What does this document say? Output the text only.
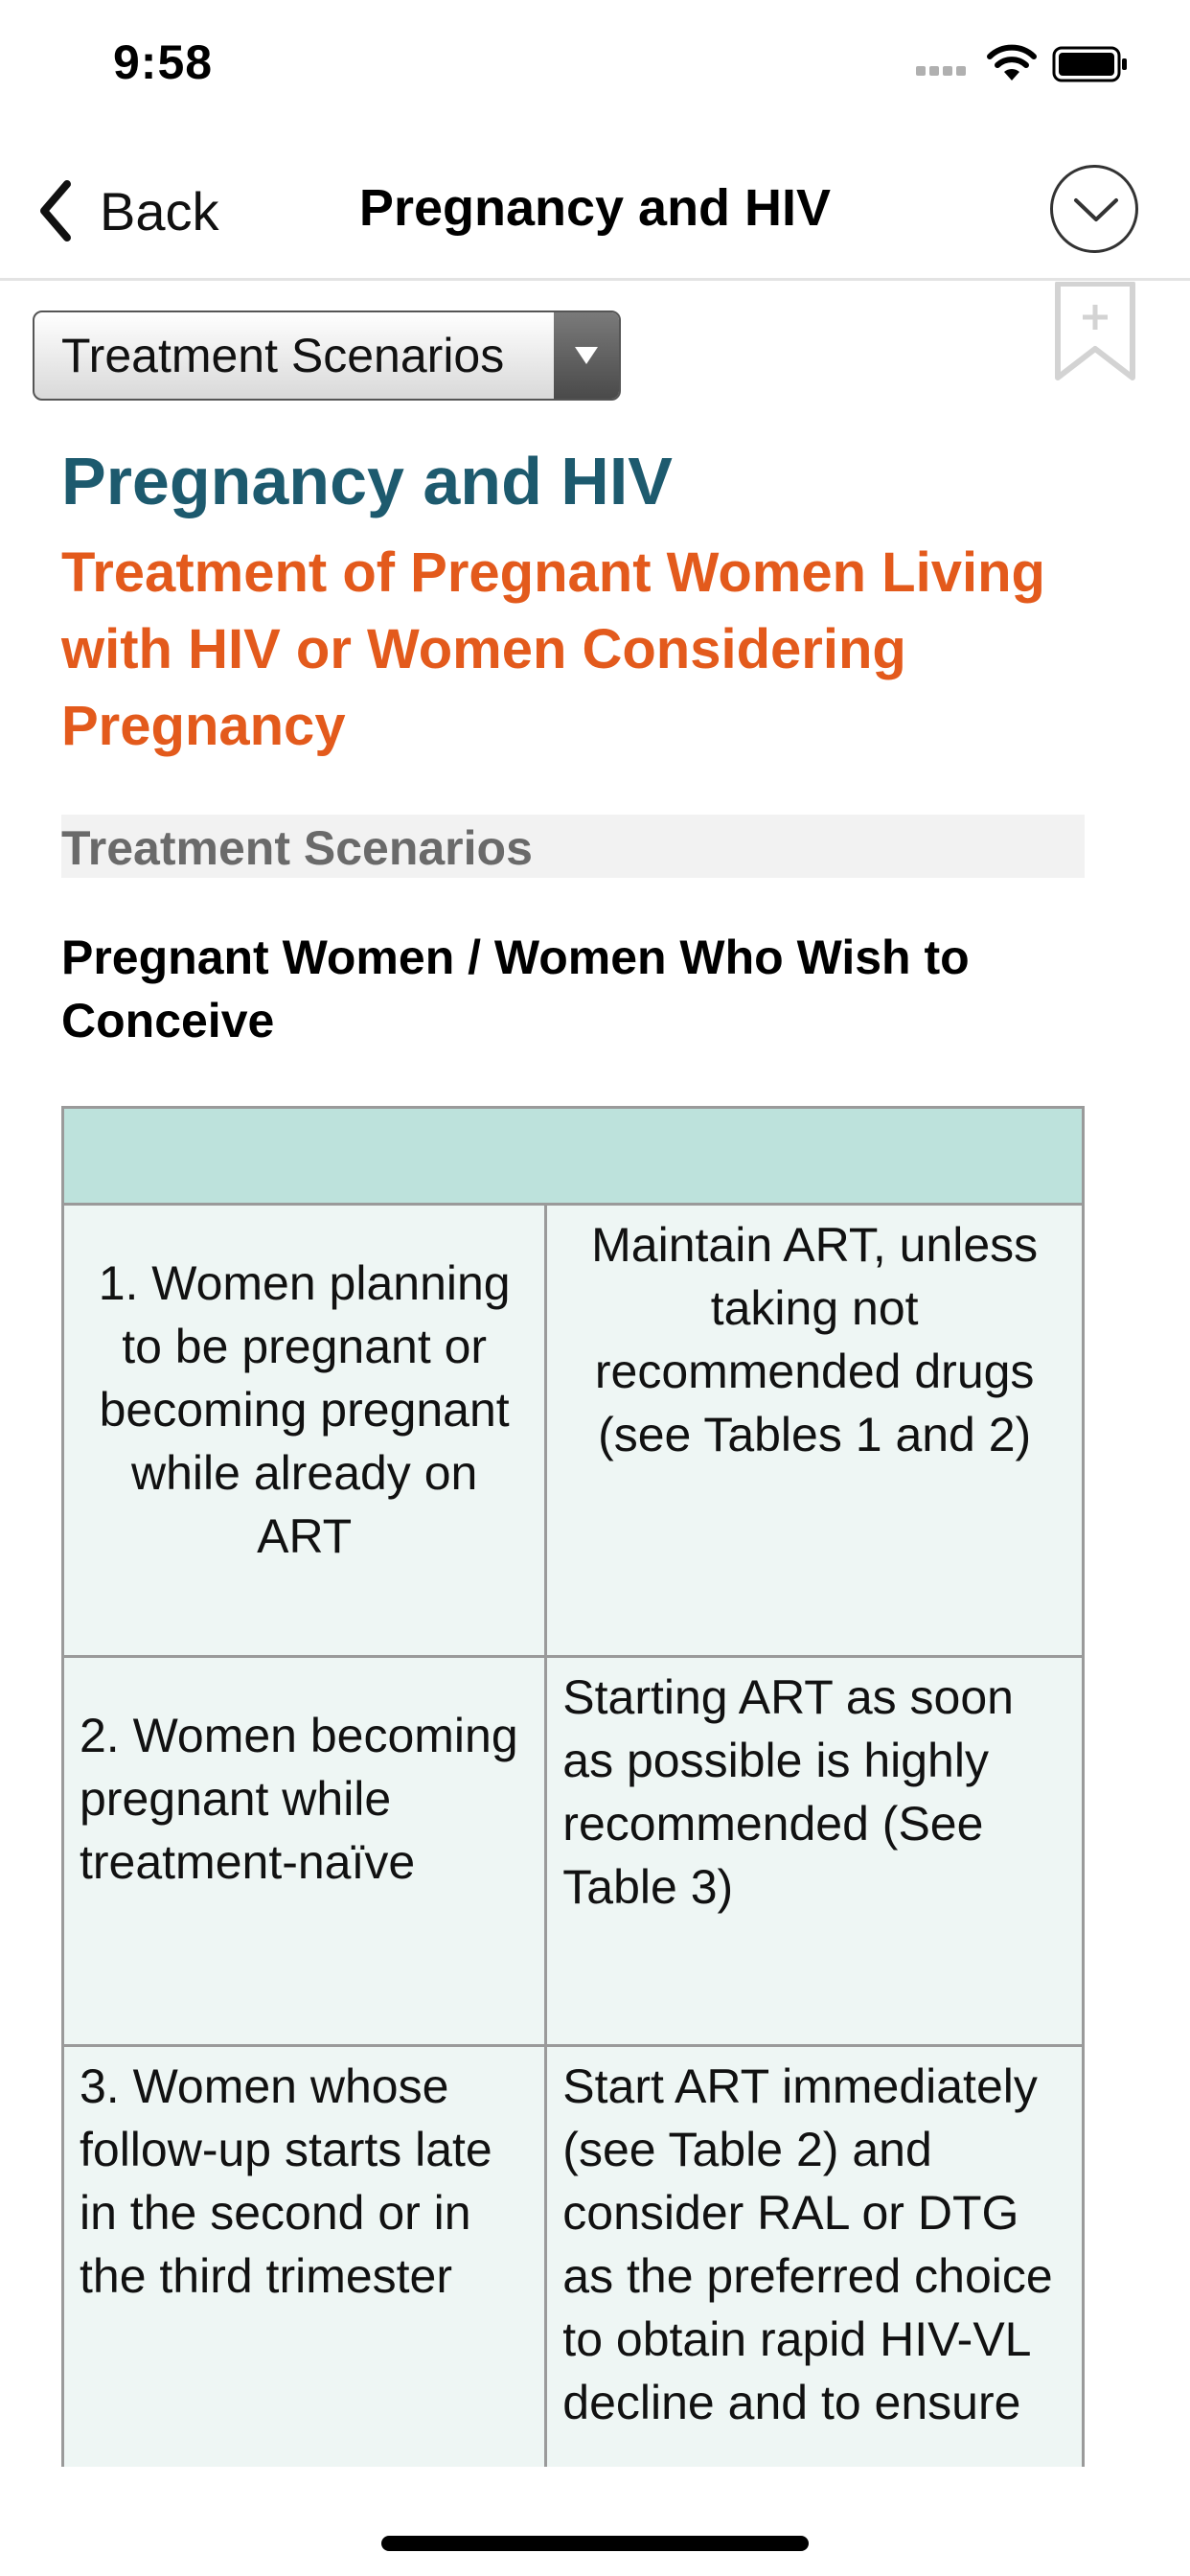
9:58
Back	Pregnancy and HIV
Treatment Scenarios
Pregnancy and HIV
Treatment of Pregnant Women Living with HIV or Women Considering Pregnancy
Treatment Scenarios
Pregnant Women / Women Who Wish to Conceive

1. Women planning to be pregnant or becoming pregnant while already on ART	Maintain ART, unless taking not recommended drugs (see Tables 1 and 2)
2. Women becoming pregnant while treatment-naïve	Starting ART as soon as possible is highly recommended (See Table 3)
3. Women whose follow-up starts late in the second or in the third trimester	Start ART immediately (see Table 2) and consider RAL or DTG as the preferred choice to obtain rapid HIV-VL decline and to ensure
